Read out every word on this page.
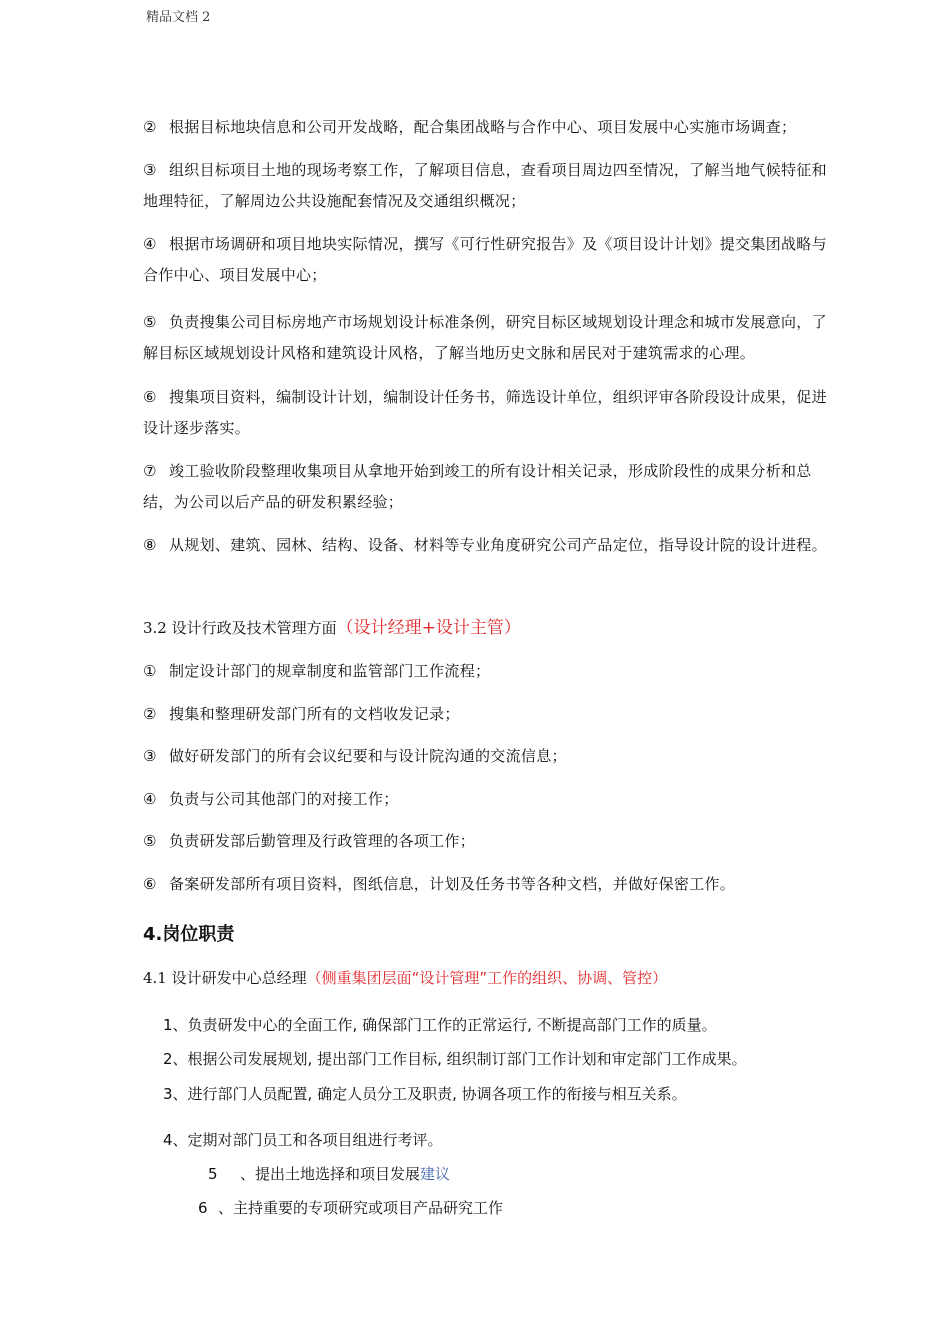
精品文档 2
② 根据目标地块信息和公司开发战略，配合集团战略与合作中心、项目发展中心实施市场调查；
③ 组织目标项目土地的现场考察工作，了解项目信息，查看项目周边四至情况，了解当地气候特征和地理特征，了解周边公共设施配套情况及交通组织概况；
④ 根据市场调研和项目地块实际情况，撰写《可行性研究报告》及《项目设计计划》提交集团战略与合作中心、项目发展中心；
⑤ 负责搜集公司目标房地产市场规划设计标准条例，研究目标区域规划设计理念和城市发展意向，了解目标区域规划设计风格和建筑设计风格，了解当地历史文脉和居民对于建筑需求的心理。
⑥ 搜集项目资料，编制设计计划，编制设计任务书，筛选设计单位，组织评审各阶段设计成果，促进设计逐步落实。
⑦ 竣工验收阶段整理收集项目从拿地开始到竣工的所有设计相关记录，形成阶段性的成果分析和总结，为公司以后产品的研发积累经验；
⑧ 从规划、建筑、园林、结构、设备、材料等专业角度研究公司产品定位，指导设计院的设计进程。
3.2 设计行政及技术管理方面（设计经理+设计主管）
① 制定设计部门的规章制度和监管部门工作流程；
② 搜集和整理研发部门所有的文档收发记录；
③ 做好研发部门的所有会议纪要和与设计院沟通的交流信息；
④ 负责与公司其他部门的对接工作；
⑤ 负责研发部后勤管理及行政管理的各项工作；
⑥ 备案研发部所有项目资料，图纸信息，计划及任务书等各种文档，并做好保密工作。
4.岗位职责
4.1 设计研发中心总经理（侧重集团层面“设计管理”工作的组织、协调、管控）
1、负责研发中心的全面工作, 确保部门工作的正常运行, 不断提高部门工作的质量。
2、根据公司发展规划, 提出部门工作目标, 组织制订部门工作计划和审定部门工作成果。
3、进行部门人员配置, 确定人员分工及职责, 协调各项工作的衔接与相互关系。
4、定期对部门员工和各项目组进行考评。
5 、提出土地选择和项目发展建议
6 、主持重要的专项研究或项目产品研究工作
